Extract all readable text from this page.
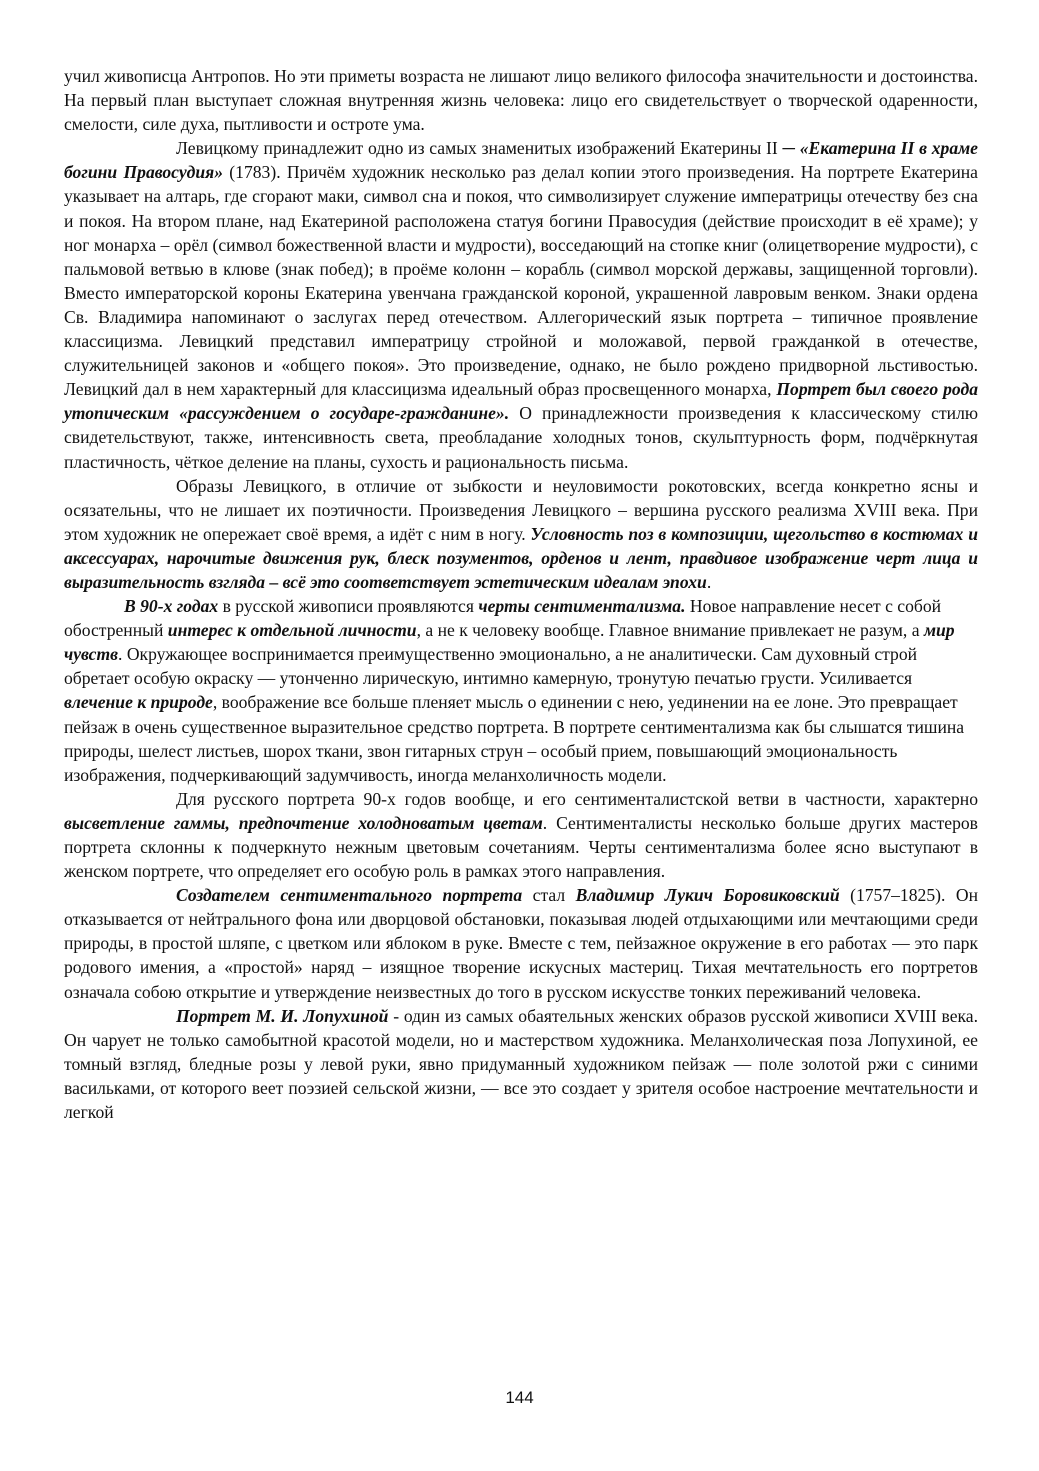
учил живописца Антропов. Но эти приметы возраста не лишают лицо великого философа значительности и достоинства. На первый план выступает сложная внутренняя жизнь человека: лицо его свидетельствует о творческой одаренности, смелости, силе духа, пытливости и остроте ума.

Левицкому принадлежит одно из самых знаменитых изображений Екатерины II ─ «Екатерина II в храме богини Правосудия» (1783). Причём художник несколько раз делал копии этого произведения. На портрете Екатерина указывает на алтарь, где сгорают маки, символ сна и покоя, что символизирует служение императрицы отечеству без сна и покоя. На втором плане, над Екатериной расположена статуя богини Правосудия (действие происходит в её храме); у ног монарха – орёл (символ божественной власти и мудрости), восседающий на стопке книг (олицетворение мудрости), с пальмовой ветвью в клюве (знак побед); в проёме колонн – корабль (символ морской державы, защищенной торговли). Вместо императорской короны Екатерина увенчана гражданской короной, украшенной лавровым венком. Знаки ордена Св. Владимира напоминают о заслугах перед отечеством. Аллегорический язык портрета – типичное проявление классицизма. Левицкий представил императрицу стройной и моложавой, первой гражданкой в отечестве, служительницей законов и «общего покоя». Это произведение, однако, не было рождено придворной льстивостью. Левицкий дал в нем характерный для классицизма идеальный образ просвещенного монарха, Портрет был своего рода утопическим «рассуждением о государе-гражданине». О принадлежности произведения к классическому стилю свидетельствуют, также, интенсивность света, преобладание холодных тонов, скульптурность форм, подчёркнутая пластичность, чёткое деление на планы, сухость и рациональность письма.

Образы Левицкого, в отличие от зыбкости и неуловимости рокотовских, всегда конкретно ясны и осязательны, что не лишает их поэтичности. Произведения Левицкого – вершина русского реализма XVIII века. При этом художник не опережает своё время, а идёт с ним в ногу. Условность поз в композиции, щегольство в костюмах и аксессуарах, нарочитые движения рук, блеск позументов, орденов и лент, правдивое изображение черт лица и выразительность взгляда – всё это соответствует эстетическим идеалам эпохи.

В 90-х годах в русской живописи проявляются черты сентиментализма. Новое направление несет с собой обостренный интерес к отдельной личности, а не к человеку вообще. Главное внимание привлекает не разум, а мир чувств. Окружающее воспринимается преимущественно эмоционально, а не аналитически. Сам духовный строй обретает особую окраску — утонченно лирическую, интимно камерную, тронутую печатью грусти. Усиливается влечение к природе, воображение все больше пленяет мысль о единении с нею, уединении на ее лоне. Это превращает пейзаж в очень существенное выразительное средство портрета. В портрете сентиментализма как бы слышатся тишина природы, шелест листьев, шорох ткани, звон гитарных струн – особый прием, повышающий эмоциональность изображения, подчеркивающий задумчивость, иногда меланхоличность модели.

Для русского портрета 90-х годов вообще, и его сентименталистской ветви в частности, характерно высветление гаммы, предпочтение холодноватым цветам. Сентименталисты несколько больше других мастеров портрета склонны к подчеркнуто нежным цветовым сочетаниям. Черты сентиментализма более ясно выступают в женском портрете, что определяет его особую роль в рамках этого направления.

Создателем сентиментального портрета стал Владимир Лукич Боровиковский (1757–1825). Он отказывается от нейтрального фона или дворцовой обстановки, показывая людей отдыхающими или мечтающими среди природы, в простой шляпе, с цветком или яблоком в руке. Вместе с тем, пейзажное окружение в его работах — это парк родового имения, а «простой» наряд – изящное творение искусных мастериц. Тихая мечтательность его портретов означала собою открытие и утверждение неизвестных до того в русском искусстве тонких переживаний человека.

Портрет М. И. Лопухиной - один из самых обаятельных женских образов русской живописи XVIII века. Он чарует не только самобытной красотой модели, но и мастерством художника. Меланхолическая поза Лопухиной, ее томный взгляд, бледные розы у левой руки, явно придуманный художником пейзаж — поле золотой ржи с синими васильками, от которого веет поэзией сельской жизни, — все это создает у зрителя особое настроение мечтательности и легкой

144
